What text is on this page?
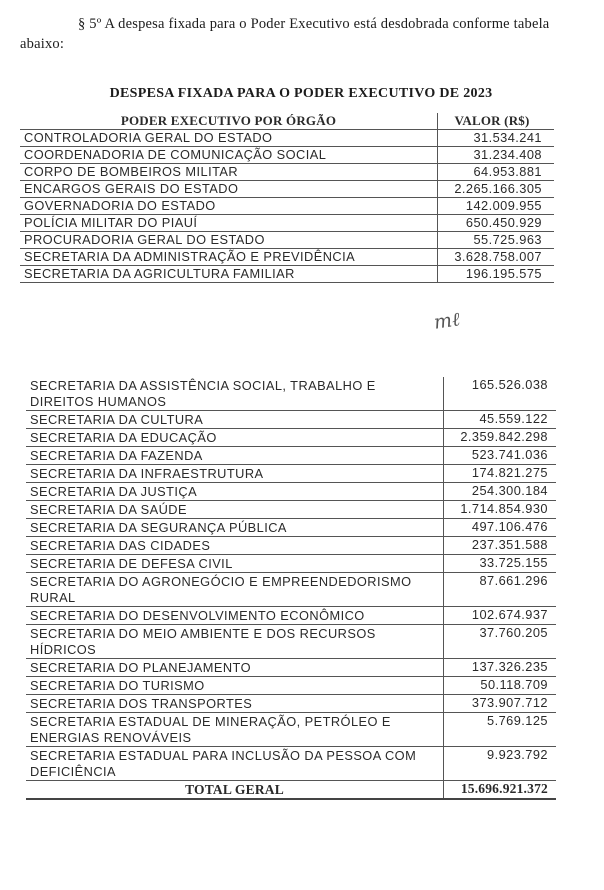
§ 5º A despesa fixada para o Poder Executivo está desdobrada conforme tabela
abaixo:
DESPESA FIXADA PARA O PODER EXECUTIVO DE 2023
PODER EXECUTIVO POR ÓRGÃO	VALOR (R$)
CONTROLADORIA GERAL DO ESTADO	31.534.241
COORDENADORIA DE COMUNICAÇÃO SOCIAL	31.234.408
CORPO DE BOMBEIROS MILITAR	64.953.881
ENCARGOS GERAIS DO ESTADO	2.265.166.305
GOVERNADORIA DO ESTADO	142.009.955
POLÍCIA MILITAR DO PIAUÍ	650.450.929
PROCURADORIA GERAL DO ESTADO	55.725.963
SECRETARIA DA ADMINISTRAÇÃO E PREVIDÊNCIA	3.628.758.007
SECRETARIA DA AGRICULTURA FAMILIAR	196.195.575
mℓ
SECRETARIA DA ASSISTÊNCIA SOCIAL, TRABALHO E DIREITOS HUMANOS	165.526.038
SECRETARIA DA CULTURA	45.559.122
SECRETARIA DA EDUCAÇÃO	2.359.842.298
SECRETARIA DA FAZENDA	523.741.036
SECRETARIA DA INFRAESTRUTURA	174.821.275
SECRETARIA DA JUSTIÇA	254.300.184
SECRETARIA DA SAÚDE	1.714.854.930
SECRETARIA DA SEGURANÇA PÚBLICA	497.106.476
SECRETARIA DAS CIDADES	237.351.588
SECRETARIA DE DEFESA CIVIL	33.725.155
SECRETARIA DO AGRONEGÓCIO E EMPREENDEDORISMO RURAL	87.661.296
SECRETARIA DO DESENVOLVIMENTO ECONÔMICO	102.674.937
SECRETARIA DO MEIO AMBIENTE E DOS RECURSOS HÍDRICOS	37.760.205
SECRETARIA DO PLANEJAMENTO	137.326.235
SECRETARIA DO TURISMO	50.118.709
SECRETARIA DOS TRANSPORTES	373.907.712
SECRETARIA ESTADUAL DE MINERAÇÃO, PETRÓLEO E ENERGIAS RENOVÁVEIS	5.769.125
SECRETARIA ESTADUAL PARA INCLUSÃO DA PESSOA COM DEFICIÊNCIA	9.923.792
TOTAL GERAL	15.696.921.372
